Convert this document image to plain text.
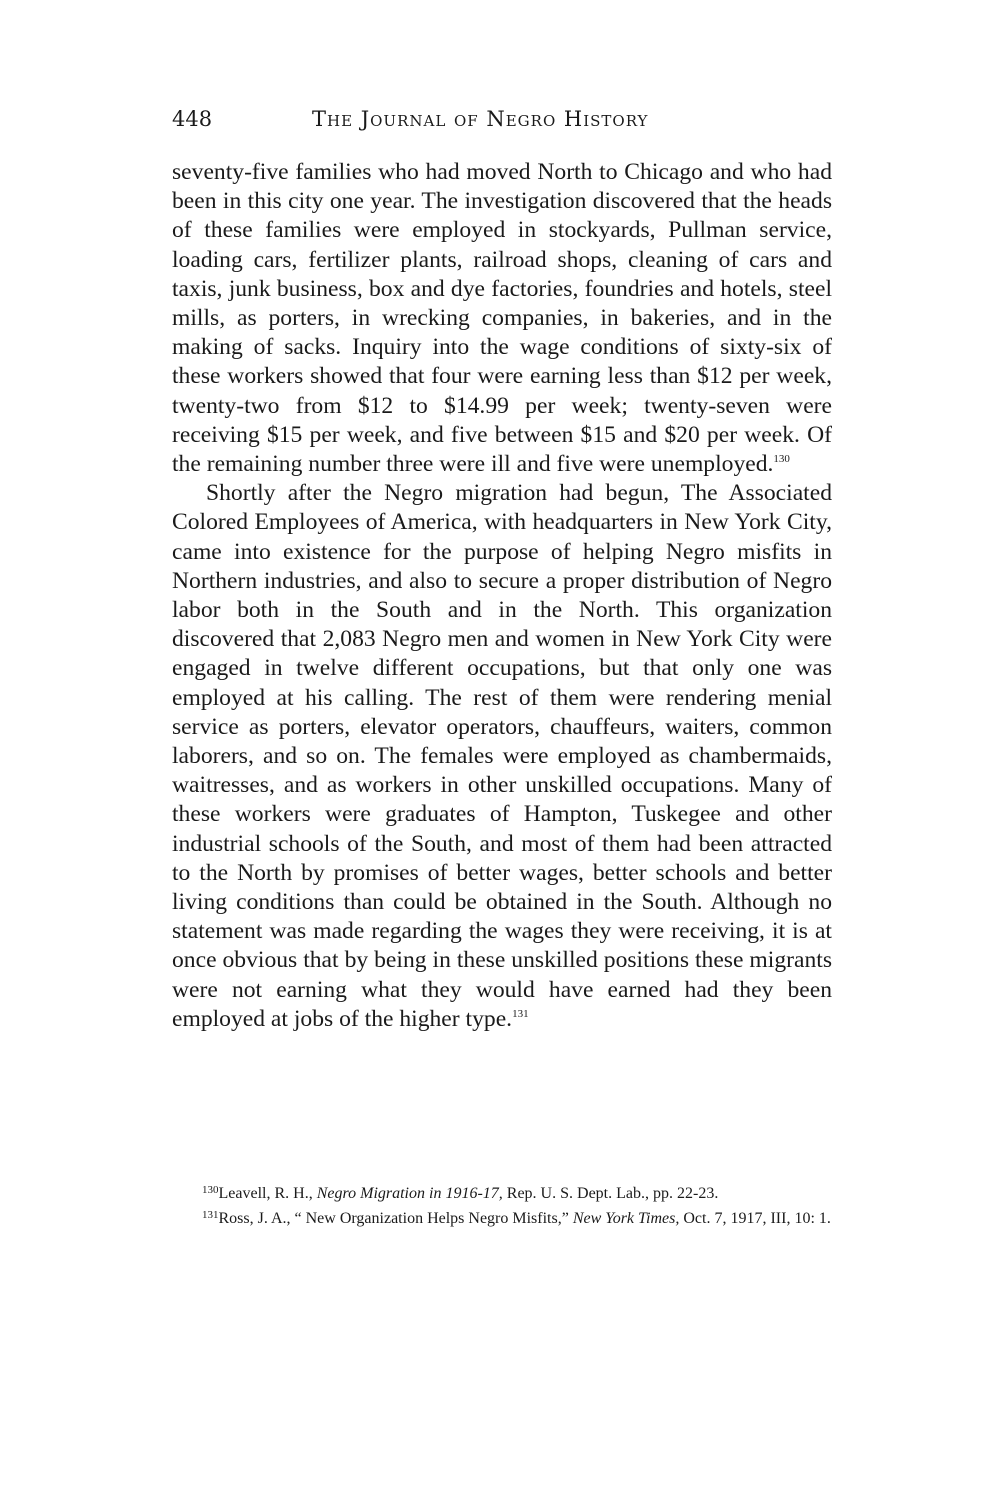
448	The Journal of Negro History

seventy-five families who had moved North to Chicago and who had been in this city one year. The investigation discovered that the heads of these families were employed in stockyards, Pullman service, loading cars, fertilizer plants, railroad shops, cleaning of cars and taxis, junk business, box and dye factories, foundries and hotels, steel mills, as porters, in wrecking companies, in bakeries, and in the making of sacks. Inquiry into the wage conditions of sixty-six of these workers showed that four were earning less than $12 per week, twenty-two from $12 to $14.99 per week; twenty-seven were receiving $15 per week, and five between $15 and $20 per week. Of the remaining number three were ill and five were unemployed.$^{130}$

Shortly after the Negro migration had begun, The Associated Colored Employees of America, with headquarters in New York City, came into existence for the purpose of helping Negro misfits in Northern industries, and also to secure a proper distribution of Negro labor both in the South and in the North. This organization discovered that 2,083 Negro men and women in New York City were engaged in twelve different occupations, but that only one was employed at his calling. The rest of them were rendering menial service as porters, elevator operators, chauffeurs, waiters, common laborers, and so on. The females were employed as chambermaids, waitresses, and as workers in other unskilled occupations. Many of these workers were graduates of Hampton, Tuskegee and other industrial schools of the South, and most of them had been attracted to the North by promises of better wages, better schools and better living conditions than could be obtained in the South. Although no statement was made regarding the wages they were receiving, it is at once obvious that by being in these unskilled positions these migrants were not earning what they would have earned had they been employed at jobs of the higher type.$^{131}$

$^{130}$Leavell, R. H., Negro Migration in 1916-17, Rep. U. S. Dept. Lab., pp. 22-23.

$^{131}$Ross, J. A., “ New Organization Helps Negro Misfits,” New York Times, Oct. 7, 1917, III, 10: 1.
